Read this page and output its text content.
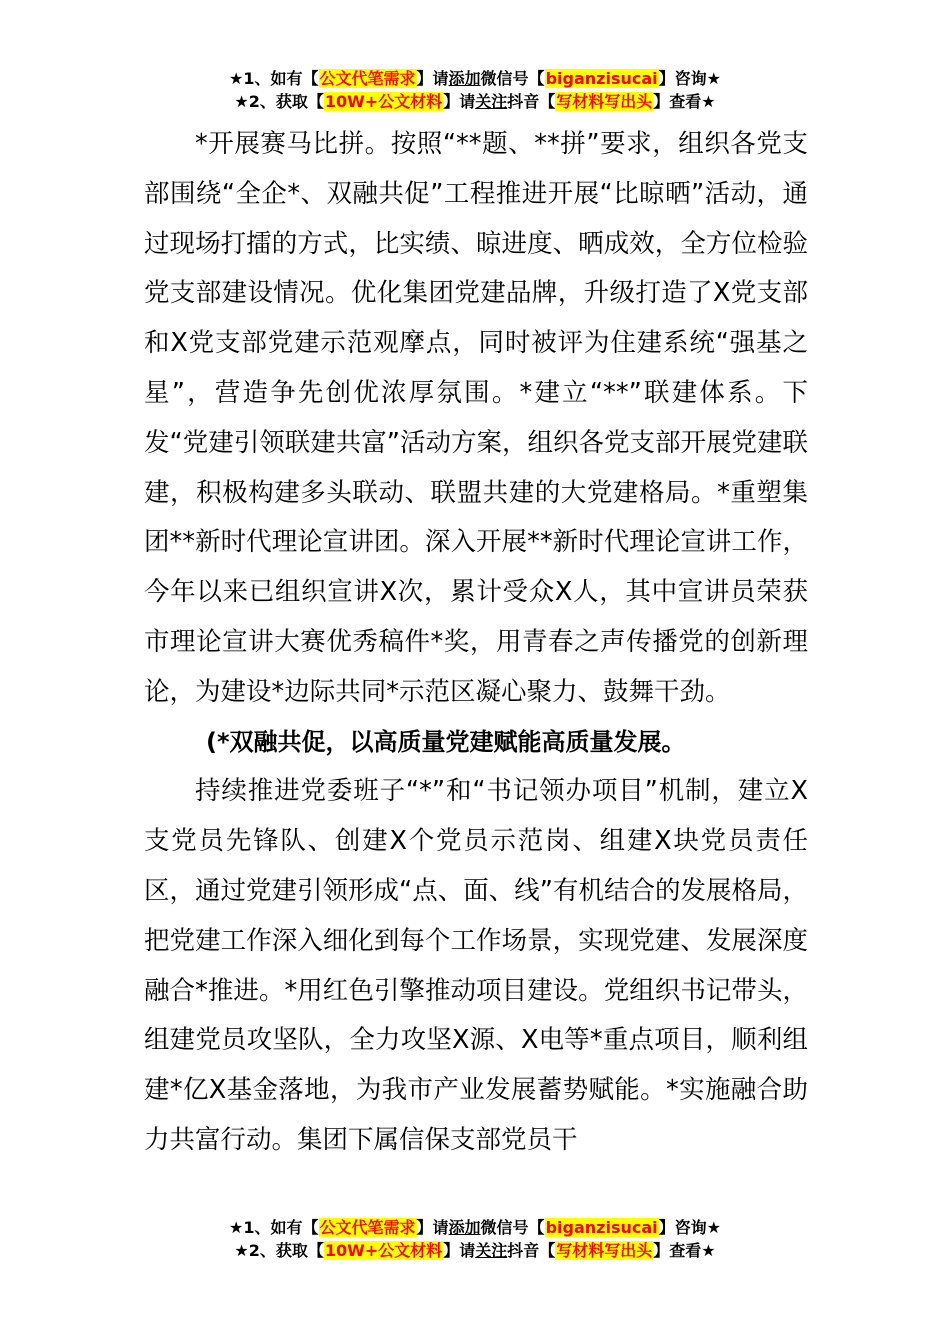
★1、如有【公文代笔需求】请添加微信号【biganzisucai】咨询★
★2、获取【10W+公文材料】请关注抖音【写材料写出头】查看★

*开展赛马比拼。按照“**题、**拼”要求，组织各党支部围绕“全企*、双融共促”工程推进开展“比晾晒”活动，通过现场打擂的方式，比实绩、晾进度、晒成效，全方位检验党支部建设情况。优化集团党建品牌，升级打造了X党支部和X党支部党建示范观摩点，同时被评为住建系统“强基之星”，营造争先创优浓厚氛围。*建立“**”联建体系。下发“党建引领联建共富”活动方案，组织各党支部开展党建联建，积极构建多头联动、联盟共建的大党建格局。*重塑集团**新时代理论宣讲团。深入开展**新时代理论宣讲工作，今年以来已组织宣讲X次，累计受众X人，其中宣讲员荣获市理论宣讲大赛优秀稿件*奖，用青春之声传播党的创新理论，为建设*边际共同*示范区凝心聚力、鼓舞干劲。

(*双融共促，以高质量党建赋能高质量发展。

持续推进党委班子“*”和“书记领办项目”机制，建立X支党员先锋队、创建X个党员示范岗、组建X块党员责任区，通过党建引领形成“点、面、线”有机结合的发展格局，把党建工作深入细化到每个工作场景，实现党建、发展深度融合*推进。*用红色引擎推动项目建设。党组织书记带头，组建党员攻坚队，全力攻坚X源、X电等*重点项目，顺利组建*亿X基金落地，为我市产业发展蓄势赋能。*实施融合助力共富行动。集团下属信保支部党员干

★1、如有【公文代笔需求】请添加微信号【biganzisucai】咨询★
★2、获取【10W+公文材料】请关注抖音【写材料写出头】查看★
